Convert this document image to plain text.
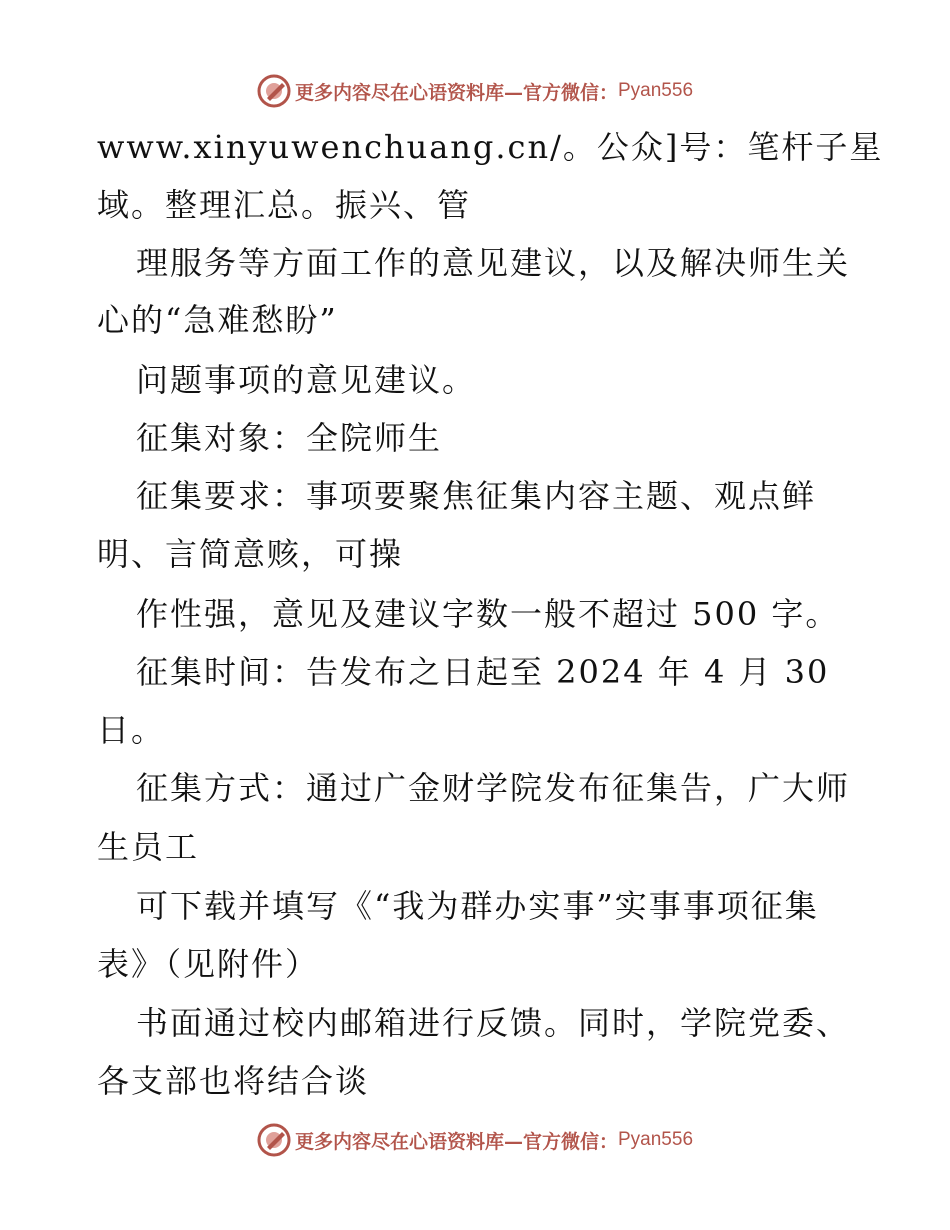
更多内容尽在心语资料库—官方微信： Pyan556
www.xinyuwenchuang.cn/。公众]号：笔杆子星
域。整理汇总。振兴、管
理服务等方面工作的意见建议，以及解决师生关
心的“急难愁盼”
问题事项的意见建议。
征集对象：全院师生
征集要求：事项要聚焦征集内容主题、观点鲜
明、言简意赅，可操
作性强，意见及建议字数一般不超过 500 字。
征集时间：告发布之日起至 2024 年 4 月 30
日。
征集方式：通过广金财学院发布征集告，广大师
生员工
可下载并填写《“我为群办实事”实事事项征集
表》（见附件）
书面通过校内邮箱进行反馈。同时，学院党委、
各支部也将结合谈
更多内容尽在心语资料库—官方微信： Pyan556
